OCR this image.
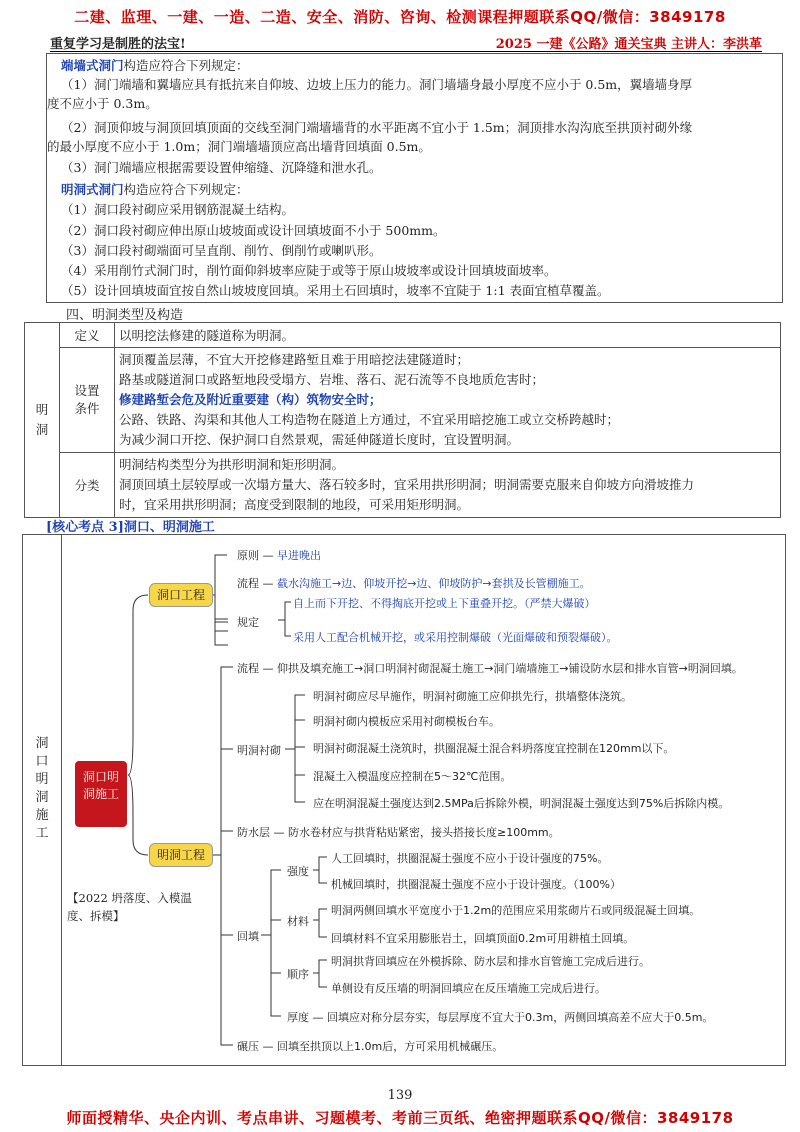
二建、监理、一建、一造、二造、安全、消防、咨询、检测课程押题联系QQ/微信：3849178
重复学习是制胜的法宝!	2025 一建《公路》通关宝典 主讲人：李洪革
端墙式洞门构造应符合下列规定：
（1）洞门端墙和翼墙应具有抵抗来自仰坡、边坡上压力的能力。洞门墙墙身最小厚度不应小于 0.5m，翼墙墙身厚
度不应小于 0.3m。
（2）洞顶仰坡与洞顶回填顶面的交线至洞门端墙墙背的水平距离不宜小于 1.5m；洞顶排水沟沟底至拱顶衬砌外缘
的最小厚度不应小于 1.0m；洞门端墙墙顶应高出墙背回填面 0.5m。
（3）洞门端墙应根据需要设置伸缩缝、沉降缝和泄水孔。
明洞式洞门构造应符合下列规定：
（1）洞口段衬砌应采用钢筋混凝土结构。
（2）洞口段衬砌应伸出原山坡坡面或设计回填坡面不小于 500mm。
（3）洞口段衬砌端面可呈直削、削竹、倒削竹或喇叭形。
（4）采用削竹式洞门时，削竹面仰斜坡率应陡于或等于原山坡坡率或设计回填坡面坡率。
（5）设计回填坡面宜按自然山坡坡度回填。采用土石回填时，坡率不宜陡于 1:1 表面宜植草覆盖。
四、明洞类型及构造
明洞	定义	以明挖法修建的隧道称为明洞。

	设置条件	洞顶覆盖层薄，不宜大开挖修建路堑且难于用暗挖法建隧道时；
路基或隧道洞口或路堑地段受塌方、岩堆、落石、泥石流等不良地质危害时；
修建路堑会危及附近重要建（构）筑物安全时；
公路、铁路、沟渠和其他人工构造物在隧道上方通过，不宜采用暗挖施工或立交桥跨越时；
为减少洞口开挖、保护洞口自然景观，需延伸隧道长度时，宜设置明洞。

	分类	明洞结构类型分为拱形明洞和矩形明洞。
洞顶回填土层较厚或一次塌方量大、落石较多时，宜采用拱形明洞；明洞需要克服来自仰坡方向滑坡推力
时，宜采用拱形明洞；高度受到限制的地段，可采用矩形明洞。
[核心考点 3]洞口、明洞施工
洞口明洞施工
洞口明洞施工
洞口工程
明洞工程
原则 — 早进晚出
流程 — 截水沟施工→边、仰坡开挖→边、仰坡防护→套拱及长管棚施工。
规定
自上而下开挖、不得掏底开挖或上下重叠开挖。（严禁大爆破）
采用人工配合机械开挖，或采用控制爆破（光面爆破和预裂爆破）。
流程 — 仰拱及填充施工→洞口明洞衬砌混凝土施工→洞门端墙施工→铺设防水层和排水盲管→明洞回填。
明洞衬砌
明洞衬砌应尽早施作，明洞衬砌施工应仰拱先行，拱墙整体浇筑。
明洞衬砌内模板应采用衬砌模板台车。
明洞衬砌混凝土浇筑时，拱圈混凝土混合料坍落度宜控制在120mm以下。
混凝土入模温度应控制在5～32℃范围。
应在明洞混凝土强度达到2.5MPa后拆除外模，明洞混凝土强度达到75%后拆除内模。
防水层 — 防水卷材应与拱背粘贴紧密，接头搭接长度≥100mm。
回填
强度
人工回填时，拱圈混凝土强度不应小于设计强度的75%。
机械回填时，拱圈混凝土强度不应小于设计强度。（100%）
材料
明洞两侧回填水平宽度小于1.2m的范围应采用浆砌片石或同级混凝土回填。
回填材料不宜采用膨胀岩土，回填顶面0.2m可用耕植土回填。
顺序
明洞拱背回填应在外模拆除、防水层和排水盲管施工完成后进行。
单侧设有反压墙的明洞回填应在反压墙施工完成后进行。
厚度 — 回填应对称分层夯实，每层厚度不宜大于0.3m，两侧回填高差不应大于0.5m。
碾压 — 回填至拱顶以上1.0m后，方可采用机械碾压。
【2022 坍落度、入模温度、拆模】
139
师面授精华、央企内训、考点串讲、习题模考、考前三页纸、绝密押题联系QQ/微信：3849178
